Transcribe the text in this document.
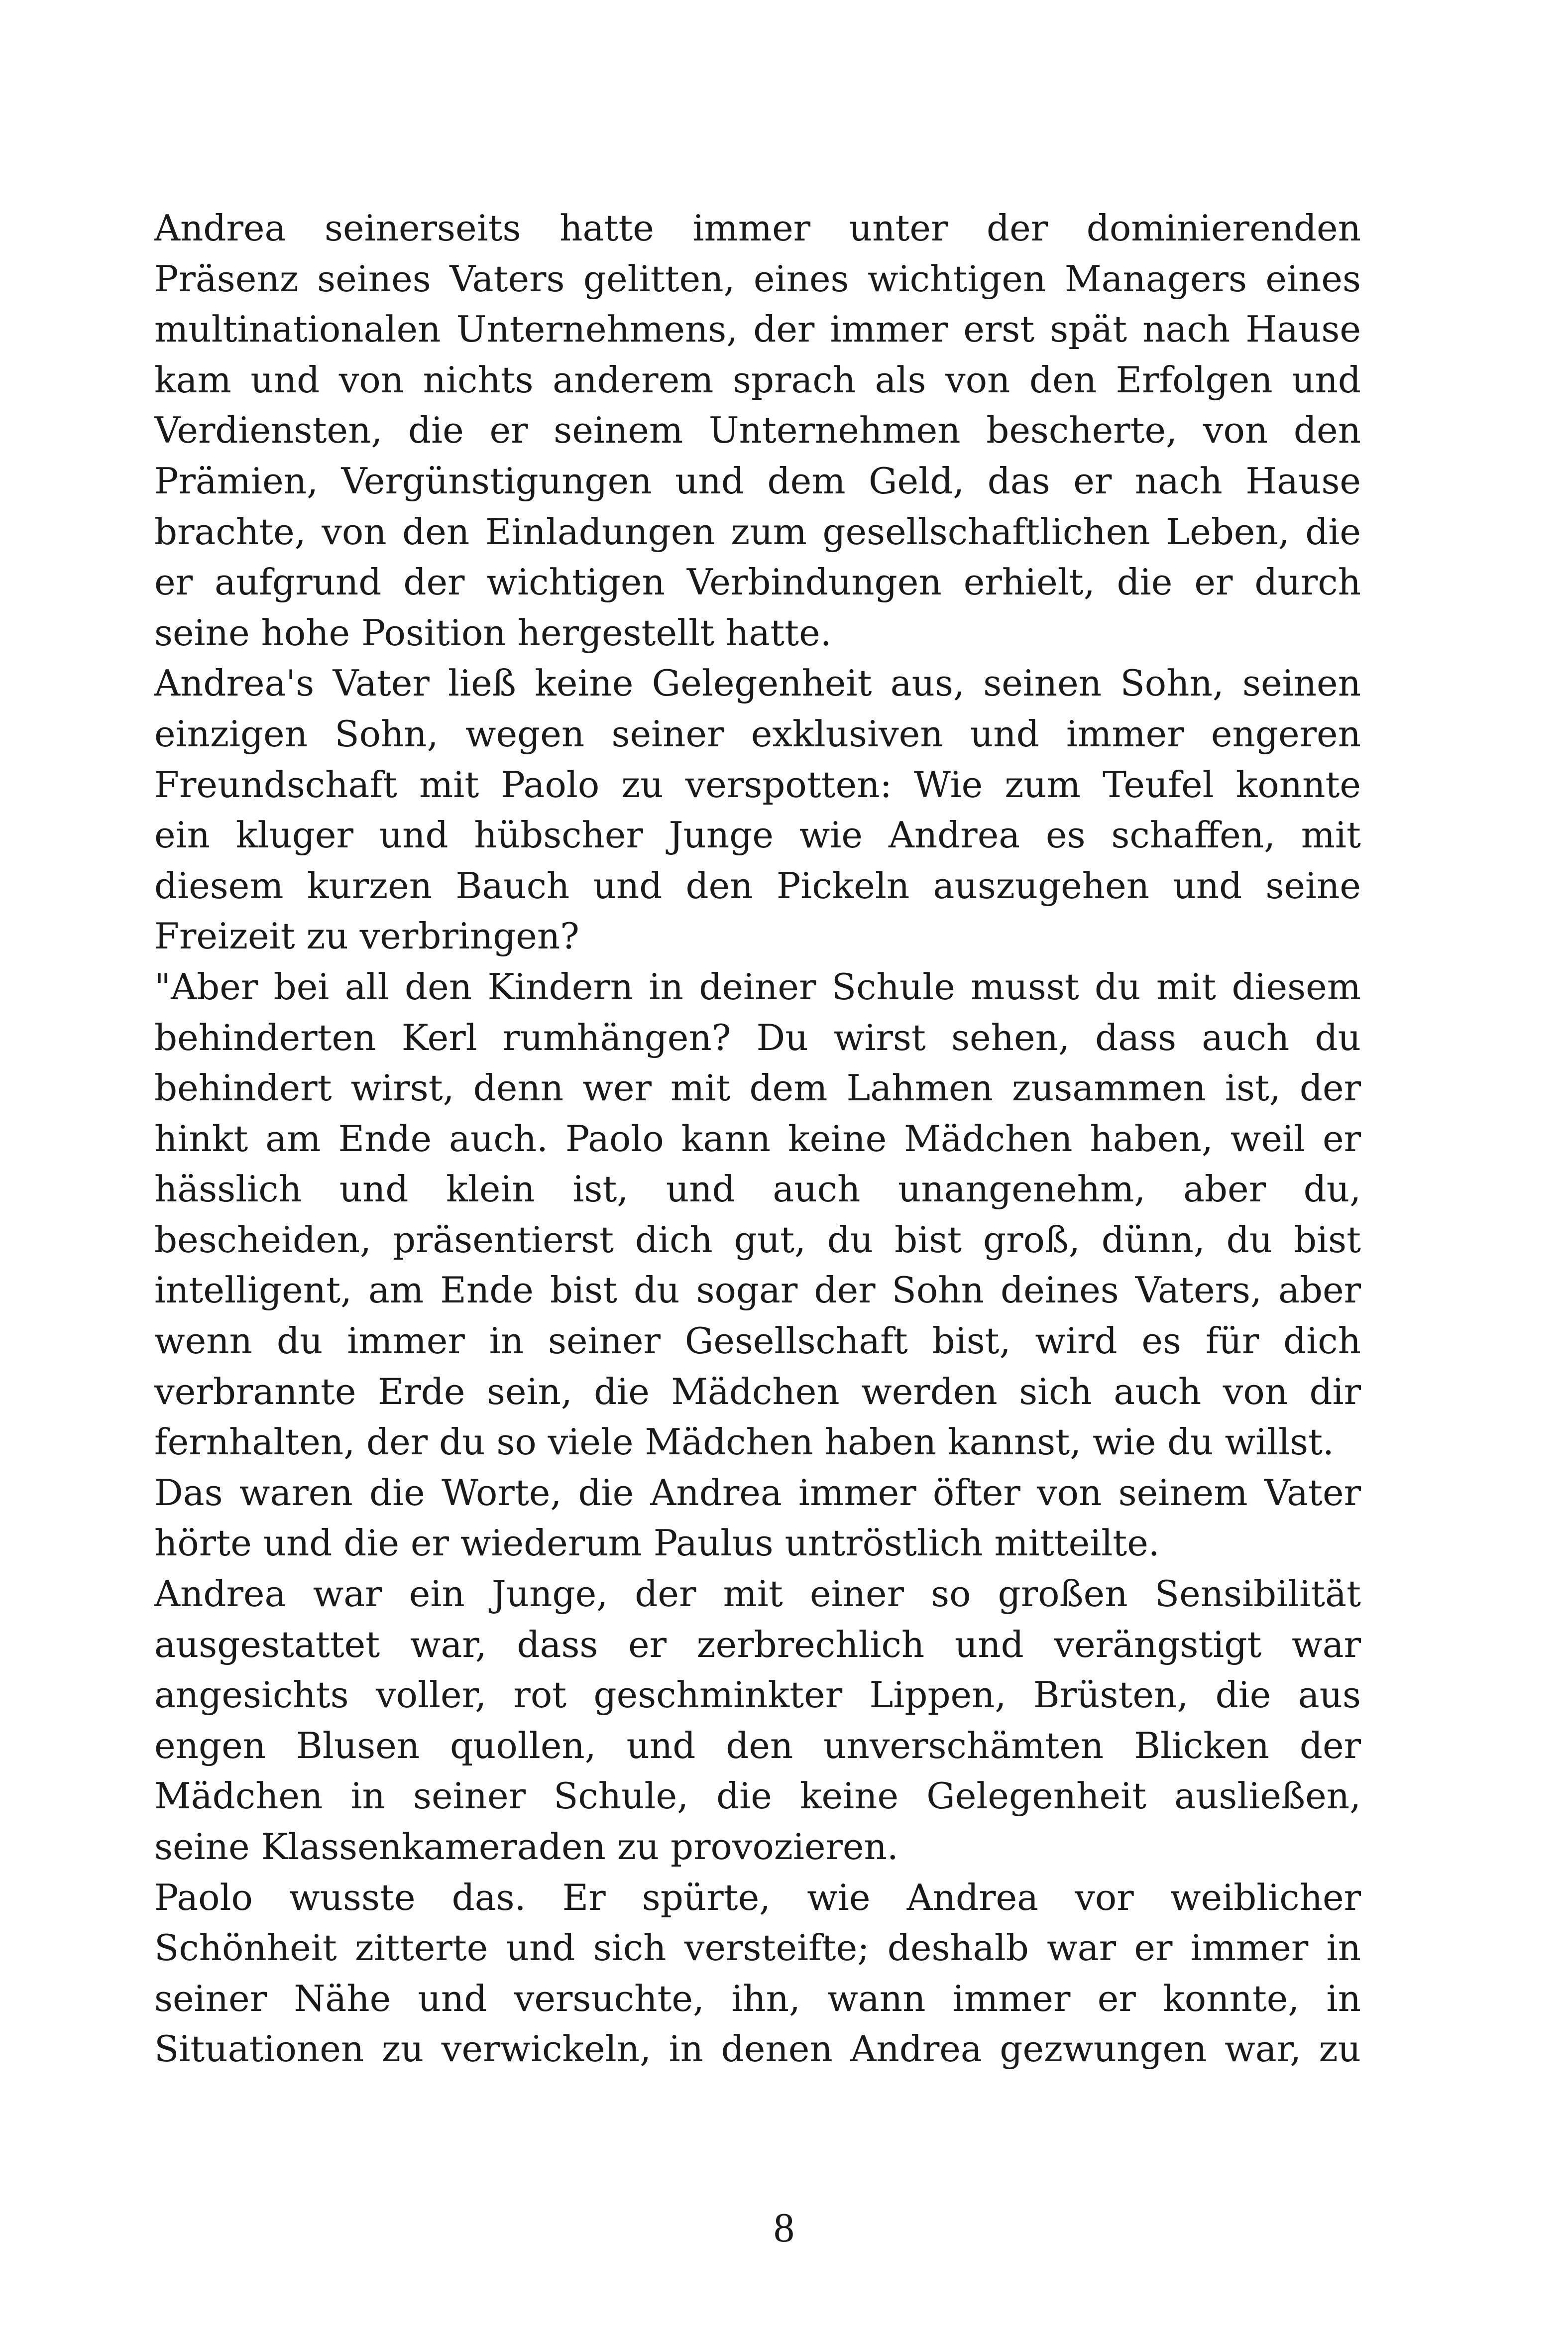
Andrea seinerseits hatte immer unter der dominierenden
Präsenz seines Vaters gelitten, eines wichtigen Managers eines
multinationalen Unternehmens, der immer erst spät nach Hause
kam und von nichts anderem sprach als von den Erfolgen und
Verdiensten, die er seinem Unternehmen bescherte, von den
Prämien, Vergünstigungen und dem Geld, das er nach Hause
brachte, von den Einladungen zum gesellschaftlichen Leben, die
er aufgrund der wichtigen Verbindungen erhielt, die er durch
seine hohe Position hergestellt hatte.
Andrea's Vater ließ keine Gelegenheit aus, seinen Sohn, seinen
einzigen Sohn, wegen seiner exklusiven und immer engeren
Freundschaft mit Paolo zu verspotten: Wie zum Teufel konnte
ein kluger und hübscher Junge wie Andrea es schaffen, mit
diesem kurzen Bauch und den Pickeln auszugehen und seine
Freizeit zu verbringen?
"Aber bei all den Kindern in deiner Schule musst du mit diesem
behinderten Kerl rumhängen? Du wirst sehen, dass auch du
behindert wirst, denn wer mit dem Lahmen zusammen ist, der
hinkt am Ende auch. Paolo kann keine Mädchen haben, weil er
hässlich und klein ist, und auch unangenehm, aber du,
bescheiden, präsentierst dich gut, du bist groß, dünn, du bist
intelligent, am Ende bist du sogar der Sohn deines Vaters, aber
wenn du immer in seiner Gesellschaft bist, wird es für dich
verbrannte Erde sein, die Mädchen werden sich auch von dir
fernhalten, der du so viele Mädchen haben kannst, wie du willst.
Das waren die Worte, die Andrea immer öfter von seinem Vater
hörte und die er wiederum Paulus untröstlich mitteilte.
Andrea war ein Junge, der mit einer so großen Sensibilität
ausgestattet war, dass er zerbrechlich und verängstigt war
angesichts voller, rot geschminkter Lippen, Brüsten, die aus
engen Blusen quollen, und den unverschämten Blicken der
Mädchen in seiner Schule, die keine Gelegenheit ausließen,
seine Klassenkameraden zu provozieren.
Paolo wusste das. Er spürte, wie Andrea vor weiblicher
Schönheit zitterte und sich versteifte; deshalb war er immer in
seiner Nähe und versuchte, ihn, wann immer er konnte, in
Situationen zu verwickeln, in denen Andrea gezwungen war, zu
8
